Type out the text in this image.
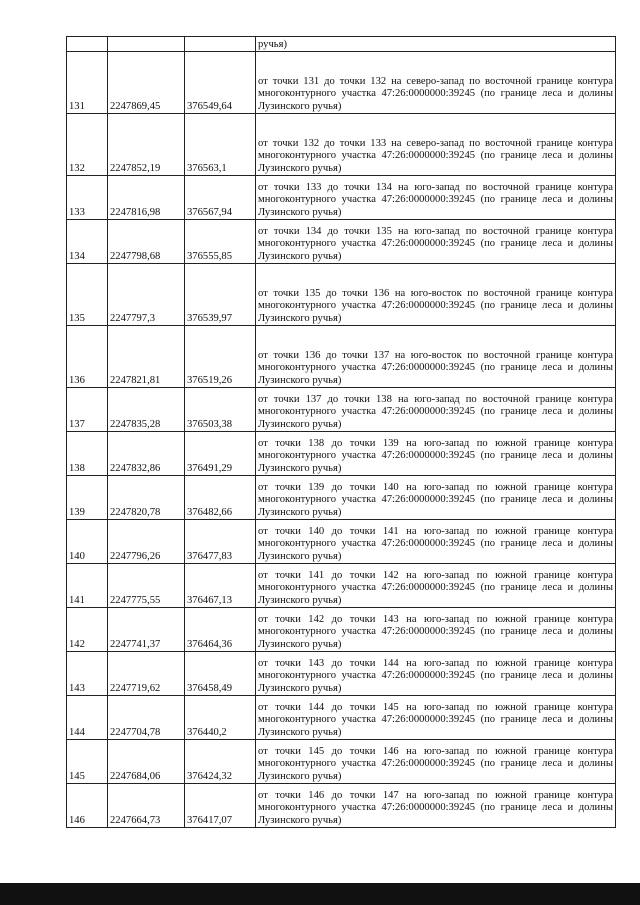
			ручья)
131	2247869,45	376549,64	от точки 131 до точки 132 на северо-запад по восточной границе контура многоконтурного участка 47:26:0000000:39245 (по границе леса и долины Лузинского ручья)
132	2247852,19	376563,1	от точки 132 до точки 133 на северо-запад по восточной границе контура многоконтурного участка 47:26:0000000:39245 (по границе леса и долины Лузинского ручья)
133	2247816,98	376567,94	от точки 133 до точки 134 на юго-запад по восточной границе контура многоконтурного участка 47:26:0000000:39245 (по границе леса и долины Лузинского ручья)
134	2247798,68	376555,85	от точки 134 до точки 135 на юго-запад по восточной границе контура многоконтурного участка 47:26:0000000:39245 (по границе леса и долины Лузинского ручья)
135	2247797,3	376539,97	от точки 135 до точки 136 на юго-восток по восточной границе контура многоконтурного участка 47:26:0000000:39245 (по границе леса и долины Лузинского ручья)
136	2247821,81	376519,26	от точки 136 до точки 137 на юго-восток по восточной границе контура многоконтурного участка 47:26:0000000:39245 (по границе леса и долины Лузинского ручья)
137	2247835,28	376503,38	от точки 137 до точки 138 на юго-запад по восточной границе контура многоконтурного участка 47:26:0000000:39245 (по границе леса и долины Лузинского ручья)
138	2247832,86	376491,29	от точки 138 до точки 139 на юго-запад по южной границе контура многоконтурного участка 47:26:0000000:39245 (по границе леса и долины Лузинского ручья)
139	2247820,78	376482,66	от точки 139 до точки 140 на юго-запад по южной границе контура многоконтурного участка 47:26:0000000:39245 (по границе леса и долины Лузинского ручья)
140	2247796,26	376477,83	от точки 140 до точки 141 на юго-запад по южной границе контура многоконтурного участка 47:26:0000000:39245 (по границе леса и долины Лузинского ручья)
141	2247775,55	376467,13	от точки 141 до точки 142 на юго-запад по южной границе контура многоконтурного участка 47:26:0000000:39245 (по границе леса и долины Лузинского ручья)
142	2247741,37	376464,36	от точки 142 до точки 143 на юго-запад по южной границе контура многоконтурного участка 47:26:0000000:39245 (по границе леса и долины Лузинского ручья)
143	2247719,62	376458,49	от точки 143 до точки 144 на юго-запад по южной границе контура многоконтурного участка 47:26:0000000:39245 (по границе леса и долины Лузинского ручья)
144	2247704,78	376440,2	от точки 144 до точки 145 на юго-запад по южной границе контура многоконтурного участка 47:26:0000000:39245 (по границе леса и долины Лузинского ручья)
145	2247684,06	376424,32	от точки 145 до точки 146 на юго-запад по южной границе контура многоконтурного участка 47:26:0000000:39245 (по границе леса и долины Лузинского ручья)
146	2247664,73	376417,07	от точки 146 до точки 147 на юго-запад по южной границе контура многоконтурного участка 47:26:0000000:39245 (по границе леса и долины Лузинского ручья)
